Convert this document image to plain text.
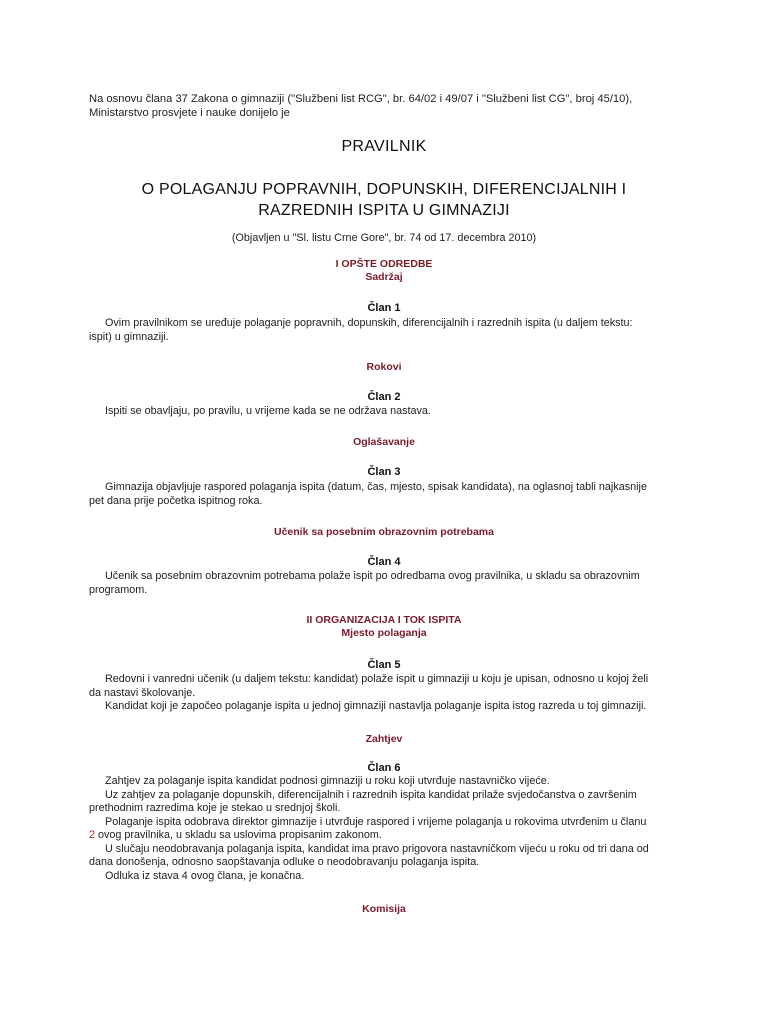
Na osnovu člana 37 Zakona o gimnaziji ("Službeni list RCG", br. 64/02 i 49/07 i "Službeni list CG", broj 45/10),
Ministarstvo prosvjete i nauke donijelo je
PRAVILNIK
O POLAGANJU POPRAVNIH, DOPUNSKIH, DIFERENCIJALNIH I
RAZREDNIH ISPITA U GIMNAZIJI
(Objavljen u "Sl. listu Crne Gore", br. 74 od 17. decembra 2010)
I OPŠTE ODREDBE
Sadržaj
Član 1

Ovim pravilnikom se uređuje polaganje popravnih, dopunskih, diferencijalnih i razrednih ispita (u daljem tekstu:

ispit) u gimnaziji.
Rokovi
Član 2

Ispiti se obavljaju, po pravilu, u vrijeme kada se ne održava nastava.

Oglašavanje
Član 3

Gimnazija objavljuje raspored polaganja ispita (datum, čas, mjesto, spisak kandidata), na oglasnoj tabli najkasnije

pet dana prije početka ispitnog roka.
Učenik sa posebnim obrazovnim potrebama
Član 4

Učenik sa posebnim obrazovnim potrebama polaže ispit po odredbama ovog pravilnika, u skladu sa obrazovnim

programom.
II ORGANIZACIJA I TOK ISPITA
Mjesto polaganja
Član 5

Redovni i vanredni učenik (u daljem tekstu: kandidat) polaže ispit u gimnaziji u koju je upisan, odnosno u kojoj želi

da nastavi školovanje.

Kandidat koji je započeo polaganje ispita u jednoj gimnaziji nastavlja polaganje ispita istog razreda u toj gimnaziji.

Zahtjev
Član 6

Zahtjev za polaganje ispita kandidat podnosi gimnaziji u roku koji utvrđuje nastavničko vijeće.

Uz zahtjev za polaganje dopunskih, diferencijalnih i razrednih ispita kandidat prilaže svjedočanstva o završenim

prethodnim razredima koje je stekao u srednjoj školi.

Polaganje ispita odobrava direktor gimnazije i utvrđuje raspored i vrijeme polaganja u rokovima utvrđenim u članu

2 ovog pravilnika, u skladu sa uslovima propisanim zakonom.

U slučaju neodobravanja polaganja ispita, kandidat ima pravo prigovora nastavničkom vijeću u roku od tri dana od

dana donošenja, odnosno saopštavanja odluke o neodobravanju polaganja ispita.

Odluka iz stava 4 ovog člana, je konačna.

Komisija
